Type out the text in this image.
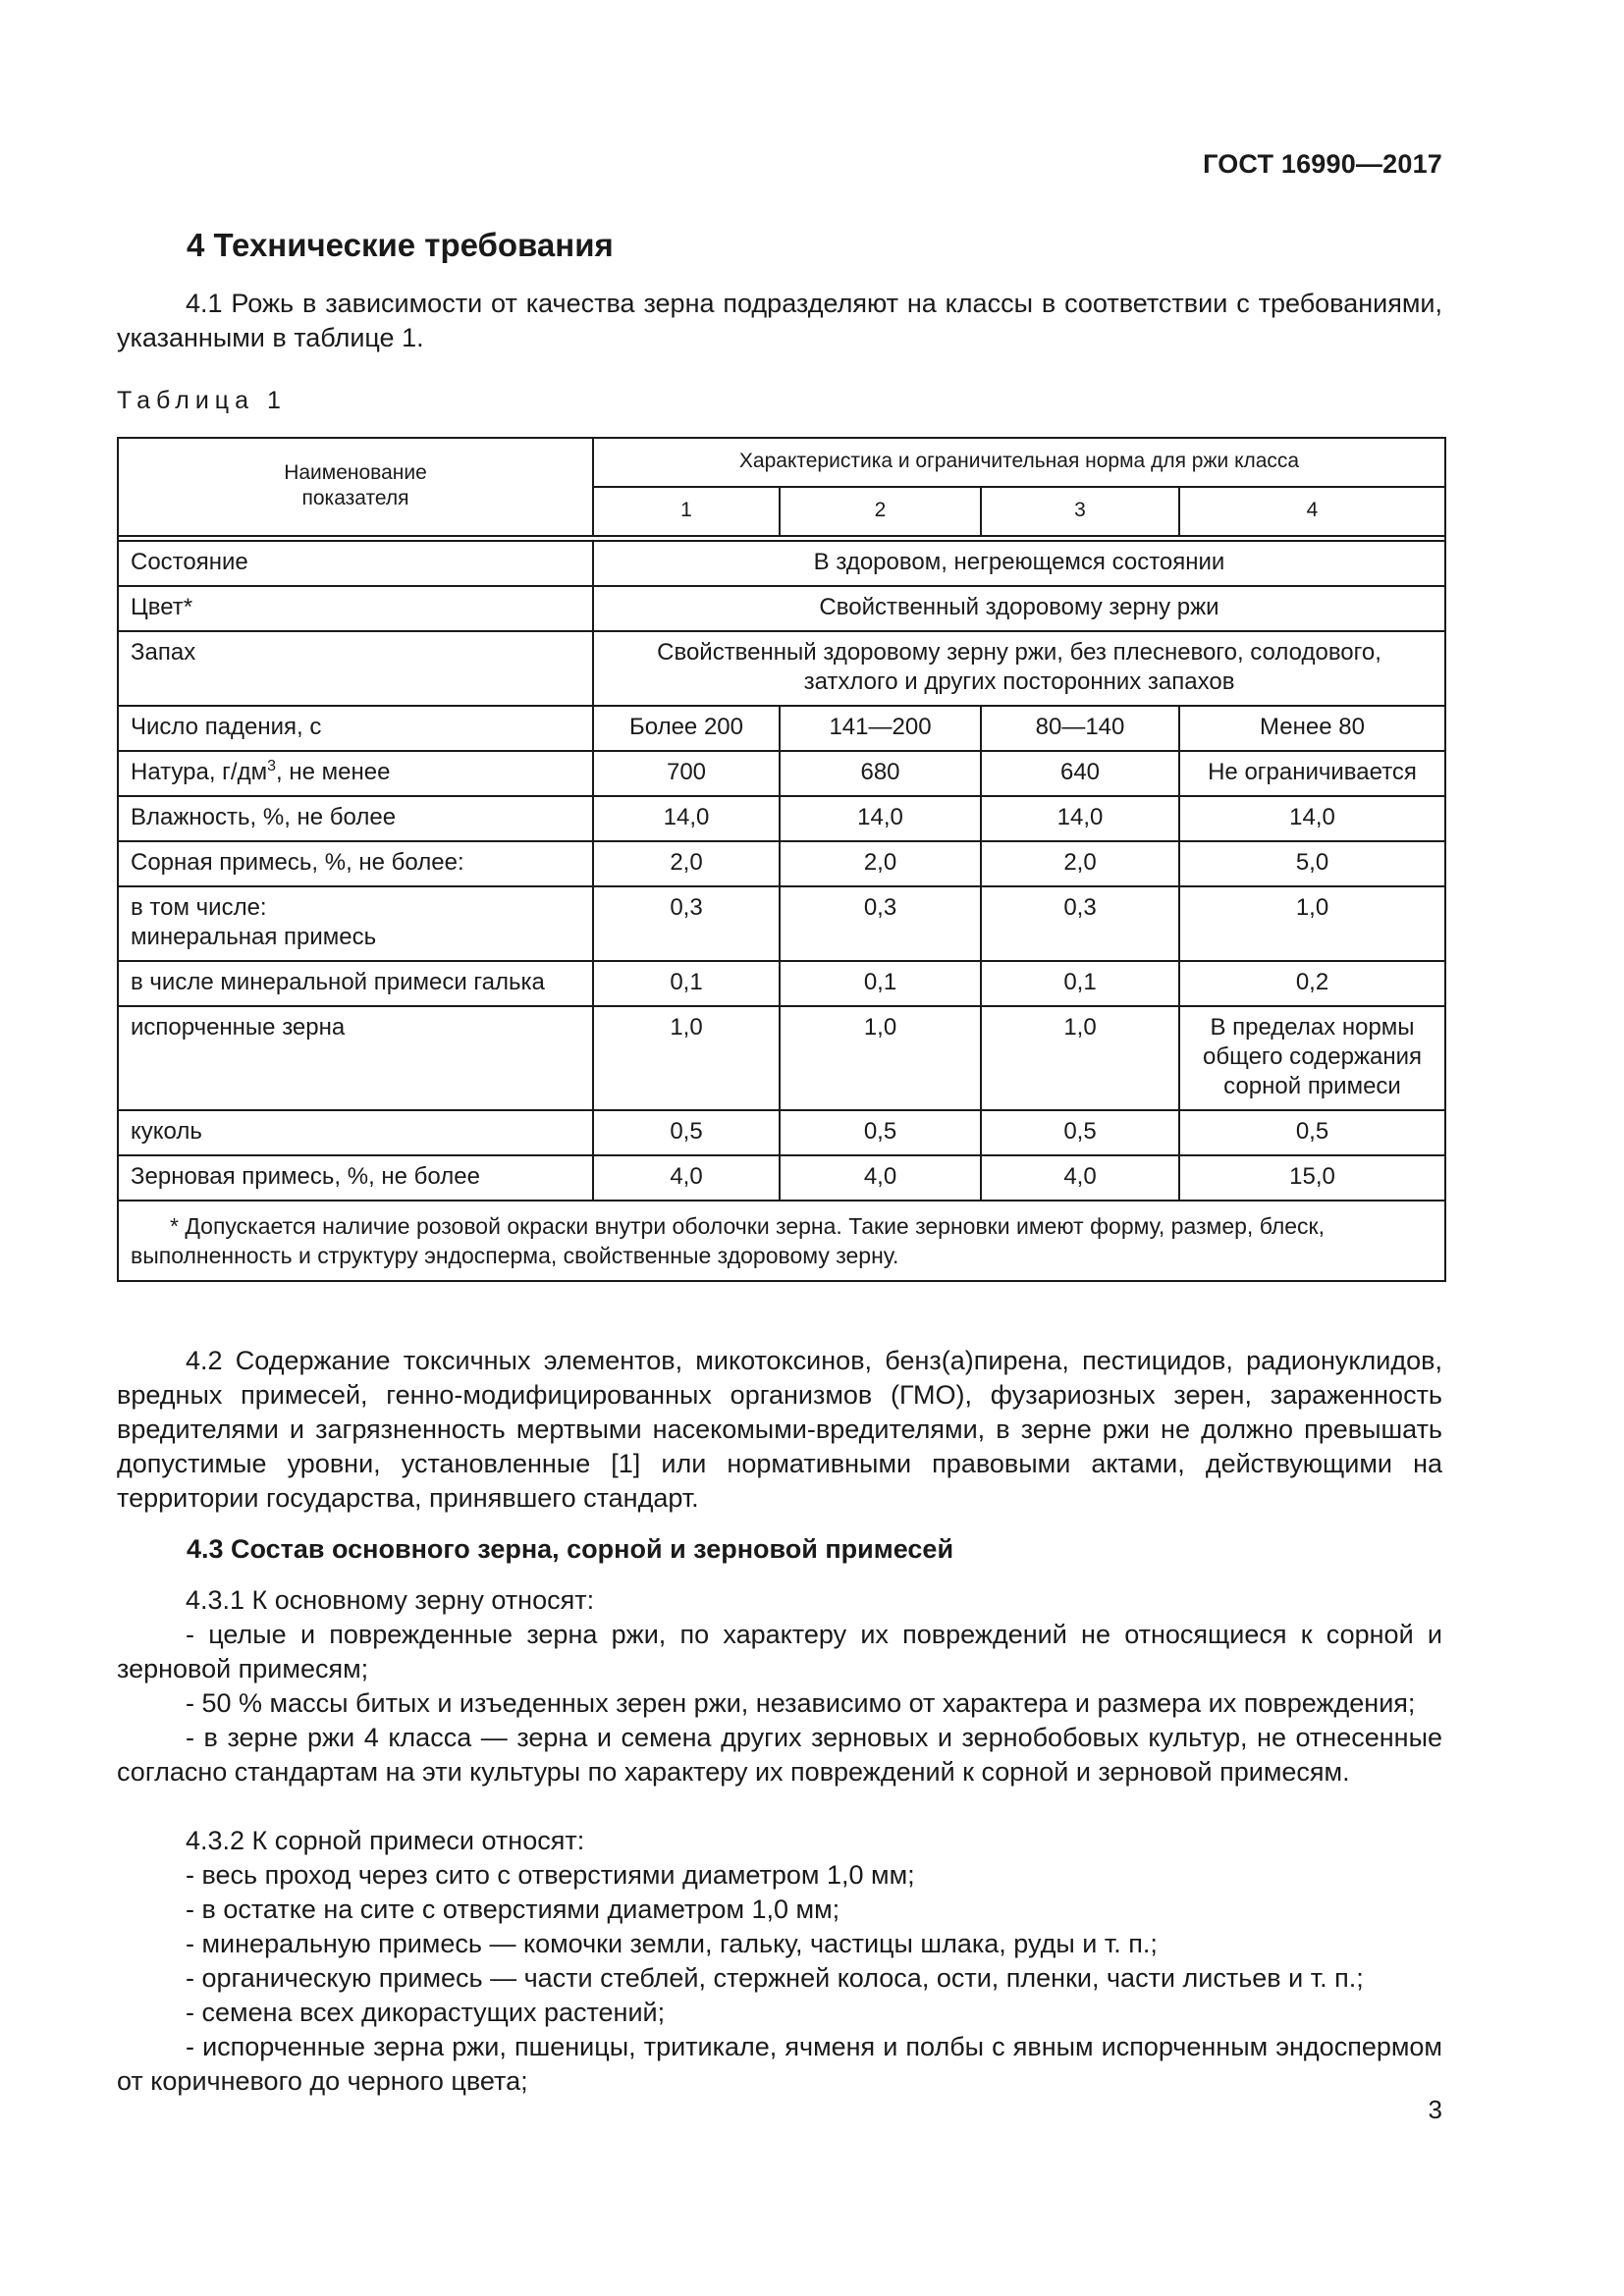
ГОСТ 16990—2017
4 Технические требования
4.1 Рожь в зависимости от качества зерна подразделяют на классы в соответствии с требованиями, указанными в таблице 1.
Таблица 1
Наименование показателя	Характеристика и ограничительная норма для ржи класса			
	1	2	3	4

Состояние	В здоровом, негреющемся состоянии			
Цвет*	Свойственный здоровому зерну ржи			
Запах	Свойственный здоровому зерну ржи, без плесневого, солодового, затхлого и других посторонних запахов			
Число падения, с	Более 200	141—200	80—140	Менее 80
Натура, $г/дм^3$, не менее	700	680	640	Не ограничивается
Влажность, %, не более	14,0	14,0	14,0	14,0
Сорная примесь, %, не более:	2,0	2,0	2,0	5,0
в том числе: минеральная примесь	0,3	0,3	0,3	1,0
в числе минеральной примеси галька	0,1	0,1	0,1	0,2
испорченные зерна	1,0	1,0	1,0	В пределах нормы общего содержания сорной примеси
куколь	0,5	0,5	0,5	0,5
Зерновая примесь, %, не более	4,0	4,0	4,0	15,0
* Допускается наличие розовой окраски внутри оболочки зерна. Такие зерновки имеют форму, размер, блеск, выполненность и структуру эндосперма, свойственные здоровому зерну.				
4.2 Содержание токсичных элементов, микотоксинов, бенз(а)пирена, пестицидов, радионуклидов, вредных примесей, генно-модифицированных организмов (ГМО), фузариозных зерен, зараженность вредителями и загрязненность мертвыми насекомыми-вредителями, в зерне ржи не должно превышать допустимые уровни, установленные [1] или нормативными правовыми актами, действующими на территории государства, принявшего стандарт.
4.3 Состав основного зерна, сорной и зерновой примесей
4.3.1 К основному зерну относят:
- целые и поврежденные зерна ржи, по характеру их повреждений не относящиеся к сорной и зерновой примесям;
- 50 % массы битых и изъеденных зерен ржи, независимо от характера и размера их повреждения;
- в зерне ржи 4 класса — зерна и семена других зерновых и зернобобовых культур, не отнесенные согласно стандартам на эти культуры по характеру их повреждений к сорной и зерновой примесям.
4.3.2 К сорной примеси относят:
- весь проход через сито с отверстиями диаметром 1,0 мм;
- в остатке на сите с отверстиями диаметром 1,0 мм;
- минеральную примесь — комочки земли, гальку, частицы шлака, руды и т. п.;
- органическую примесь — части стеблей, стержней колоса, ости, пленки, части листьев и т. п.;
- семена всех дикорастущих растений;
- испорченные зерна ржи, пшеницы, тритикале, ячменя и полбы с явным испорченным эндоспермом от коричневого до черного цвета;
3
